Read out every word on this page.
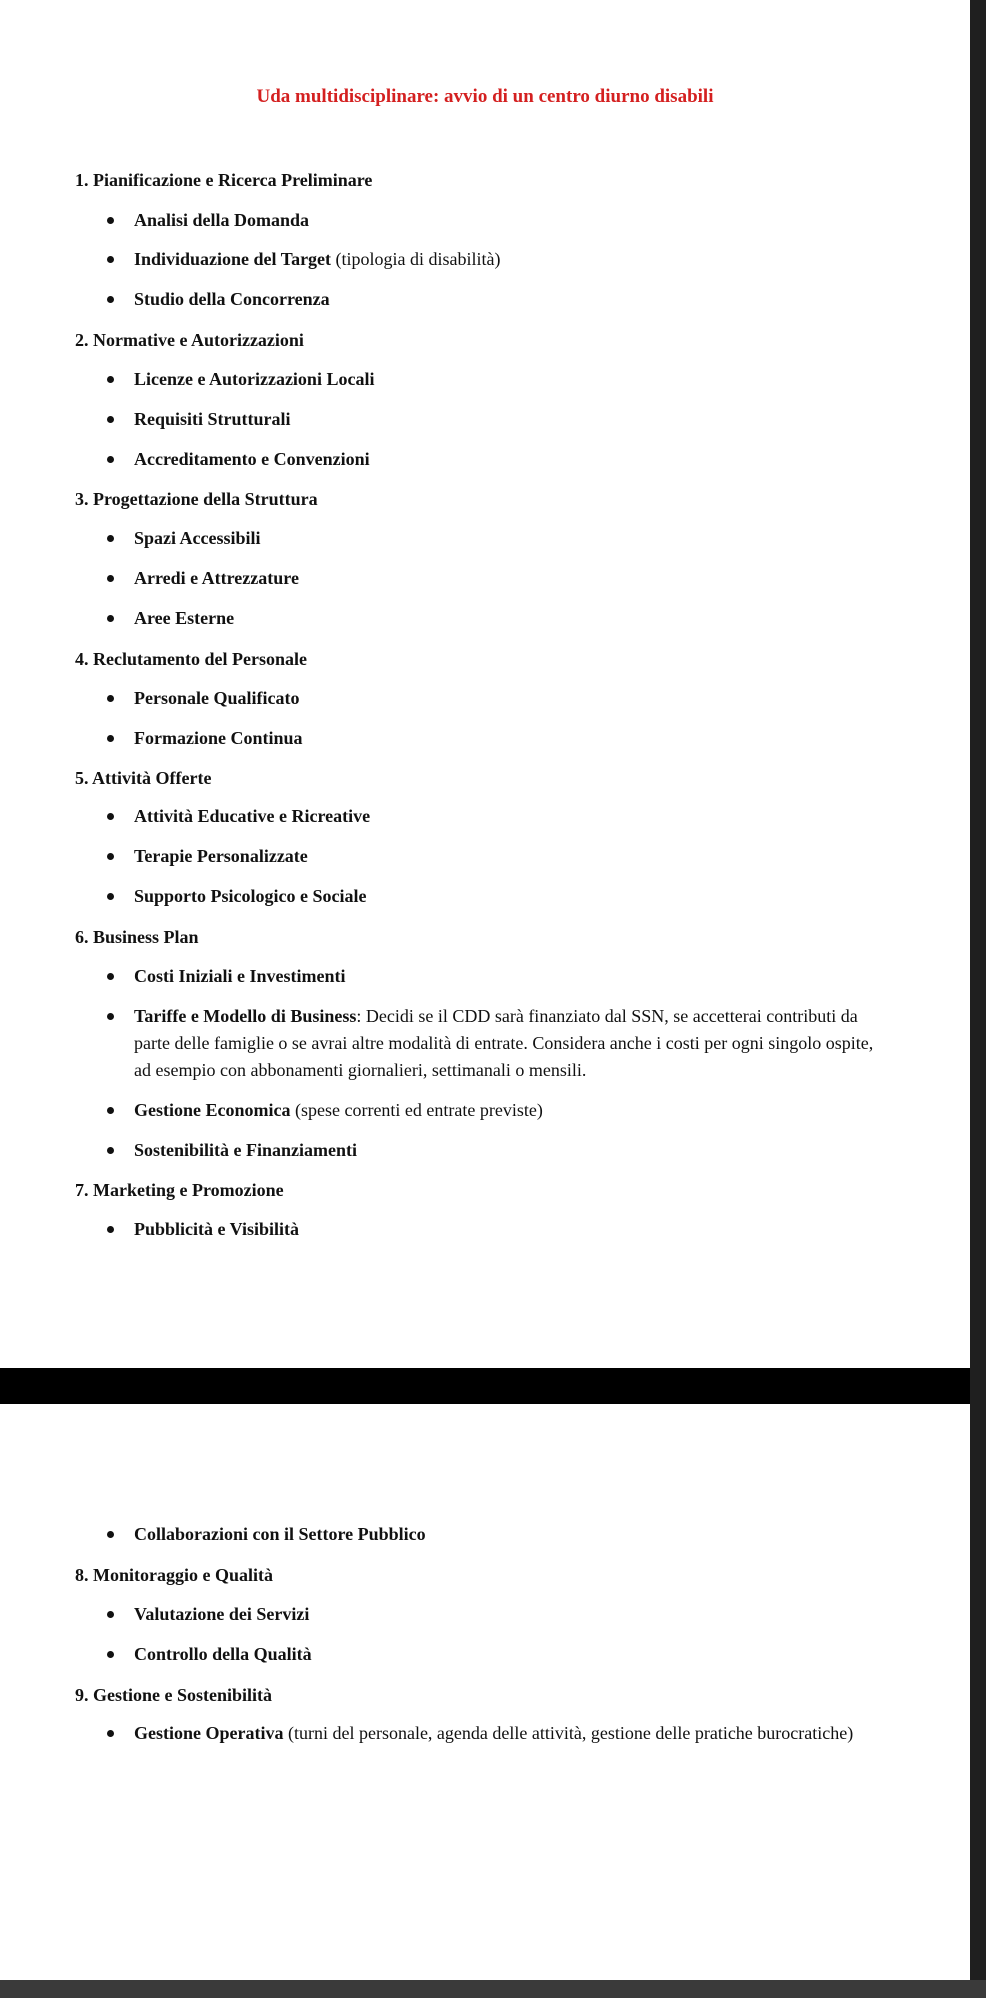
Uda multidisciplinare: avvio di un centro diurno disabili
1. Pianificazione e Ricerca Preliminare
Analisi della Domanda
Individuazione del Target (tipologia di disabilità)
Studio della Concorrenza
2. Normative e Autorizzazioni
Licenze e Autorizzazioni Locali
Requisiti Strutturali
Accreditamento e Convenzioni
3. Progettazione della Struttura
Spazi Accessibili
Arredi e Attrezzature
Aree Esterne
4. Reclutamento del Personale
Personale Qualificato
Formazione Continua
5. Attività Offerte
Attività Educative e Ricreative
Terapie Personalizzate
Supporto Psicologico e Sociale
6. Business Plan
Costi Iniziali e Investimenti
Tariffe e Modello di Business: Decidi se il CDD sarà finanziato dal SSN, se accetterai contributi da parte delle famiglie o se avrai altre modalità di entrate. Considera anche i costi per ogni singolo ospite, ad esempio con abbonamenti giornalieri, settimanali o mensili.
Gestione Economica (spese correnti ed entrate previste)
Sostenibilità e Finanziamenti
7. Marketing e Promozione
Pubblicità e Visibilità
Collaborazioni con il Settore Pubblico
8. Monitoraggio e Qualità
Valutazione dei Servizi
Controllo della Qualità
9. Gestione e Sostenibilità
Gestione Operativa (turni del personale, agenda delle attività, gestione delle pratiche burocratiche)
